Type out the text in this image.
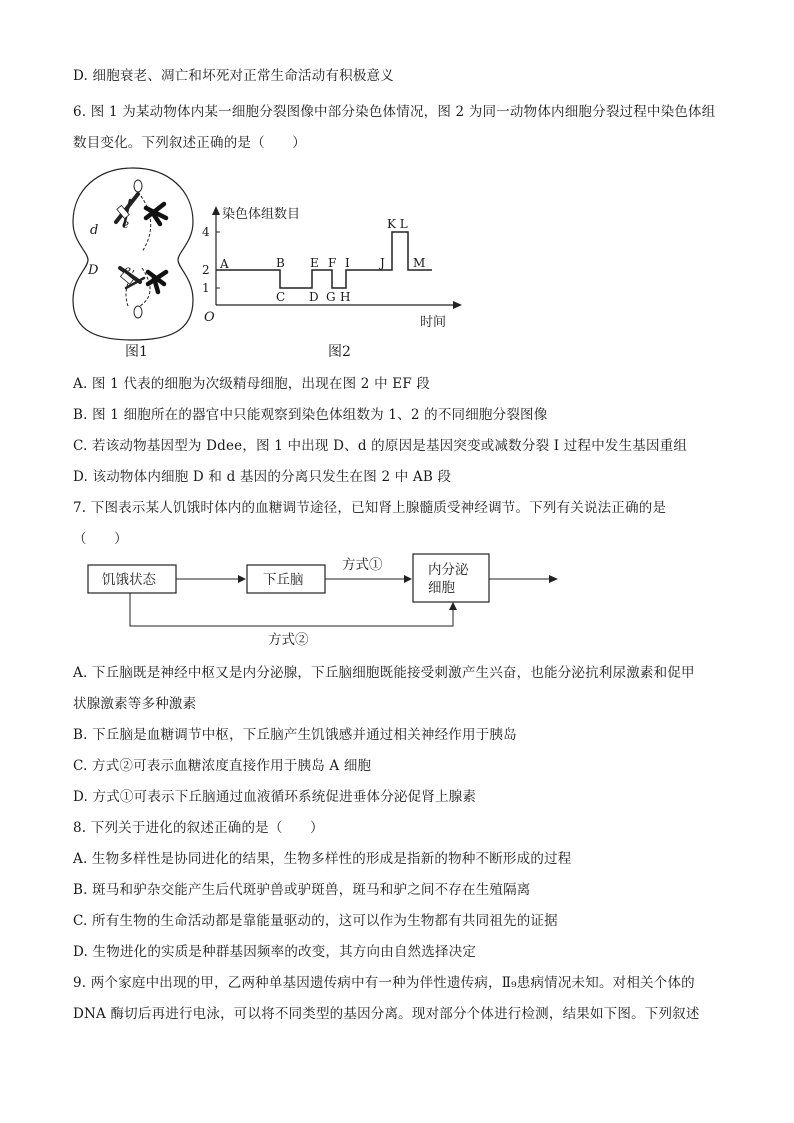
D. 细胞衰老、凋亡和坏死对正常生命活动有积极意义
6. 图 1 为某动物体内某一细胞分裂图像中部分染色体情况，图 2 为同一动物体内细胞分裂过程中染色体组
数目变化。下列叙述正确的是（　　）
d e
D e
图1
4
2
1
染色体组数目
O	时间
A	B
C D
E F
G H
I	J
K L
M
图2
A. 图 1 代表的细胞为次级精母细胞，出现在图 2 中 EF 段
B. 图 1 细胞所在的器官中只能观察到染色体组数为 1、2 的不同细胞分裂图像
C. 若该动物基因型为 Ddee，图 1 中出现 D、d 的原因是基因突变或减数分裂 I 过程中发生基因重组
D. 该动物体内细胞 D 和 d 基因的分离只发生在图 2 中 AB 段
7. 下图表示某人饥饿时体内的血糖调节途径，已知肾上腺髓质受神经调节。下列有关说法正确的是
（　　）
饥饿状态	下丘脑
方式①	内分泌
细胞
方式②
A. 下丘脑既是神经中枢又是内分泌腺，下丘脑细胞既能接受刺激产生兴奋，也能分泌抗利尿激素和促甲
状腺激素等多种激素
B. 下丘脑是血糖调节中枢，下丘脑产生饥饿感并通过相关神经作用于胰岛
C. 方式②可表示血糖浓度直接作用于胰岛 A 细胞
D. 方式①可表示下丘脑通过血液循环系统促进垂体分泌促肾上腺素
8. 下列关于进化的叙述正确的是（　　）
A. 生物多样性是协同进化的结果，生物多样性的形成是指新的物种不断形成的过程
B. 斑马和驴杂交能产生后代斑驴兽或驴斑兽，斑马和驴之间不存在生殖隔离
C. 所有生物的生命活动都是靠能量驱动的，这可以作为生物都有共同祖先的证据
D. 生物进化的实质是种群基因频率的改变，其方向由自然选择决定
9. 两个家庭中出现的甲，乙两种单基因遗传病中有一种为伴性遗传病，Ⅱ₉患病情况未知。对相关个体的
DNA 酶切后再进行电泳，可以将不同类型的基因分离。现对部分个体进行检测，结果如下图。下列叙述
